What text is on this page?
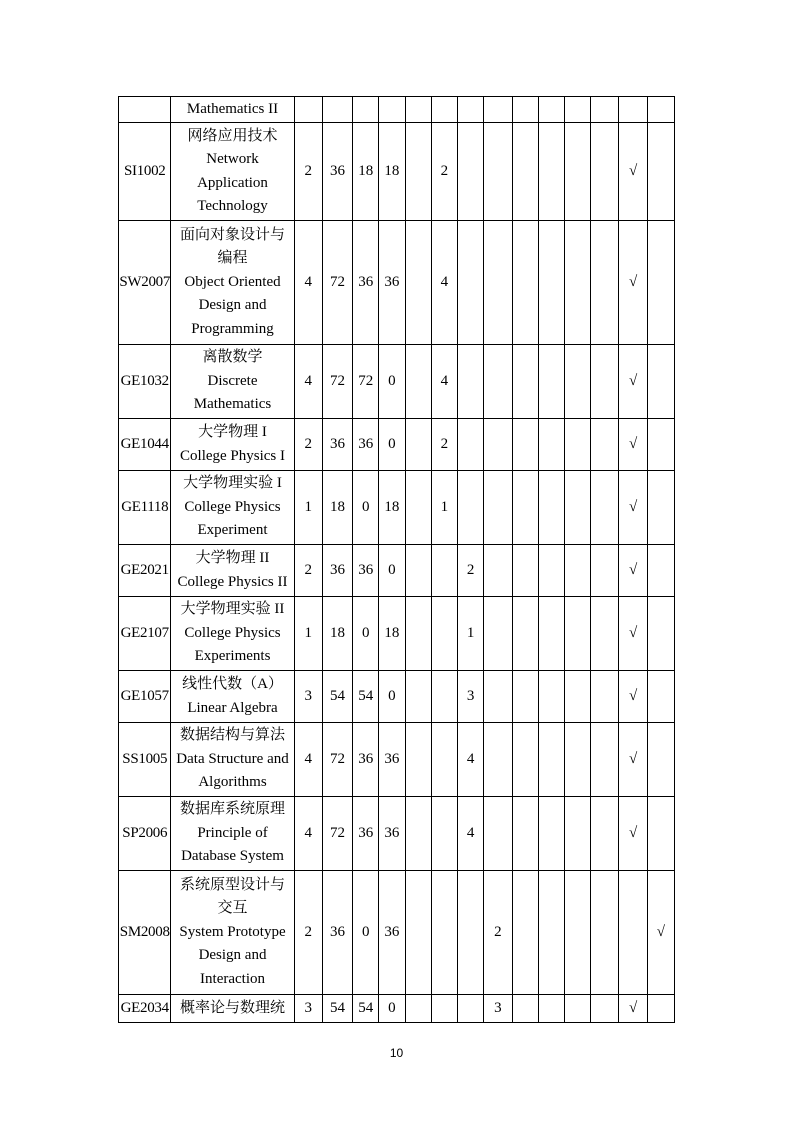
	Mathematics II														

SI1002	网络应用技术
Network
Application
Technology	2	36	18	18		2							√	
SW2007	面向对象设计与
编程
Object Oriented
Design and
Programming	4	72	36	36		4							√	
GE1032	离散数学
Discrete
Mathematics	4	72	72	0		4							√	
GE1044	大学物理 I
College Physics I	2	36	36	0		2							√	
GE1118	大学物理实验 I
College Physics
Experiment	1	18	0	18		1							√	
GE2021	大学物理 II
College Physics II	2	36	36	0			2						√	
GE2107	大学物理实验 II
College Physics
Experiments	1	18	0	18			1						√	
GE1057	线性代数（A）
Linear Algebra	3	54	54	0			3						√	
SS1005	数据结构与算法
Data Structure and
Algorithms	4	72	36	36			4						√	
SP2006	数据库系统原理
Principle of
Database System	4	72	36	36			4						√	
SM2008	系统原型设计与
交互
System Prototype
Design and
Interaction	2	36	0	36				2						√
GE2034	概率论与数理统	3	54	54	0				3					√	
10
